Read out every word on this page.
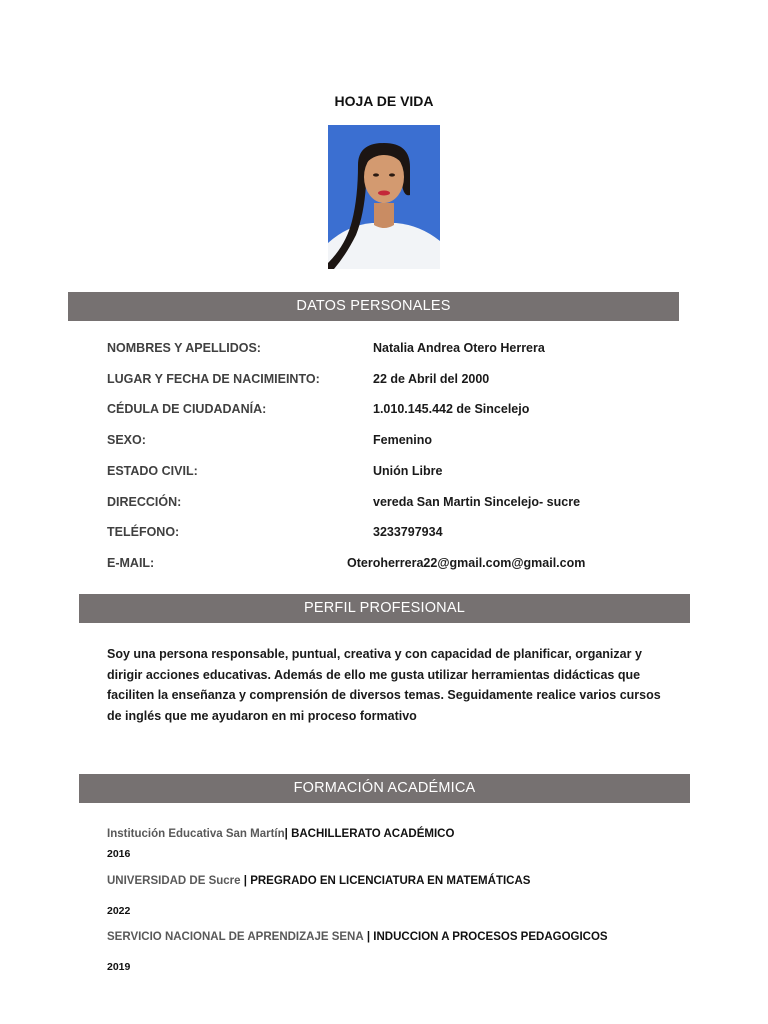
HOJA DE VIDA
DATOS PERSONALES
NOMBRES Y APELLIDOS:	Natalia Andrea Otero Herrera
LUGAR Y FECHA DE NACIMIEINTO:	22 de Abril del 2000
CÉDULA DE CIUDADANÍA:	1.010.145.442 de Sincelejo
SEXO:	Femenino
ESTADO CIVIL:	Unión Libre
DIRECCIÓN:	vereda San Martin Sincelejo- sucre
TELÉFONO:	3233797934
E-MAIL:	Oteroherrera22@gmail.com@gmail.com
PERFIL PROFESIONAL
Soy una persona responsable, puntual, creativa y con capacidad de planificar, organizar y dirigir acciones educativas. Además de ello me gusta utilizar herramientas didácticas que faciliten la enseñanza y comprensión de diversos temas. Seguidamente realice varios cursos de inglés que me ayudaron en mi proceso formativo
FORMACIÓN ACADÉMICA
Institución Educativa San Martín| BACHILLERATO ACADÉMICO
2016
UNIVERSIDAD DE Sucre | PREGRADO EN LICENCIATURA EN MATEMÁTICAS
2022
SERVICIO NACIONAL DE APRENDIZAJE SENA | INDUCCION A PROCESOS PEDAGOGICOS
2019
